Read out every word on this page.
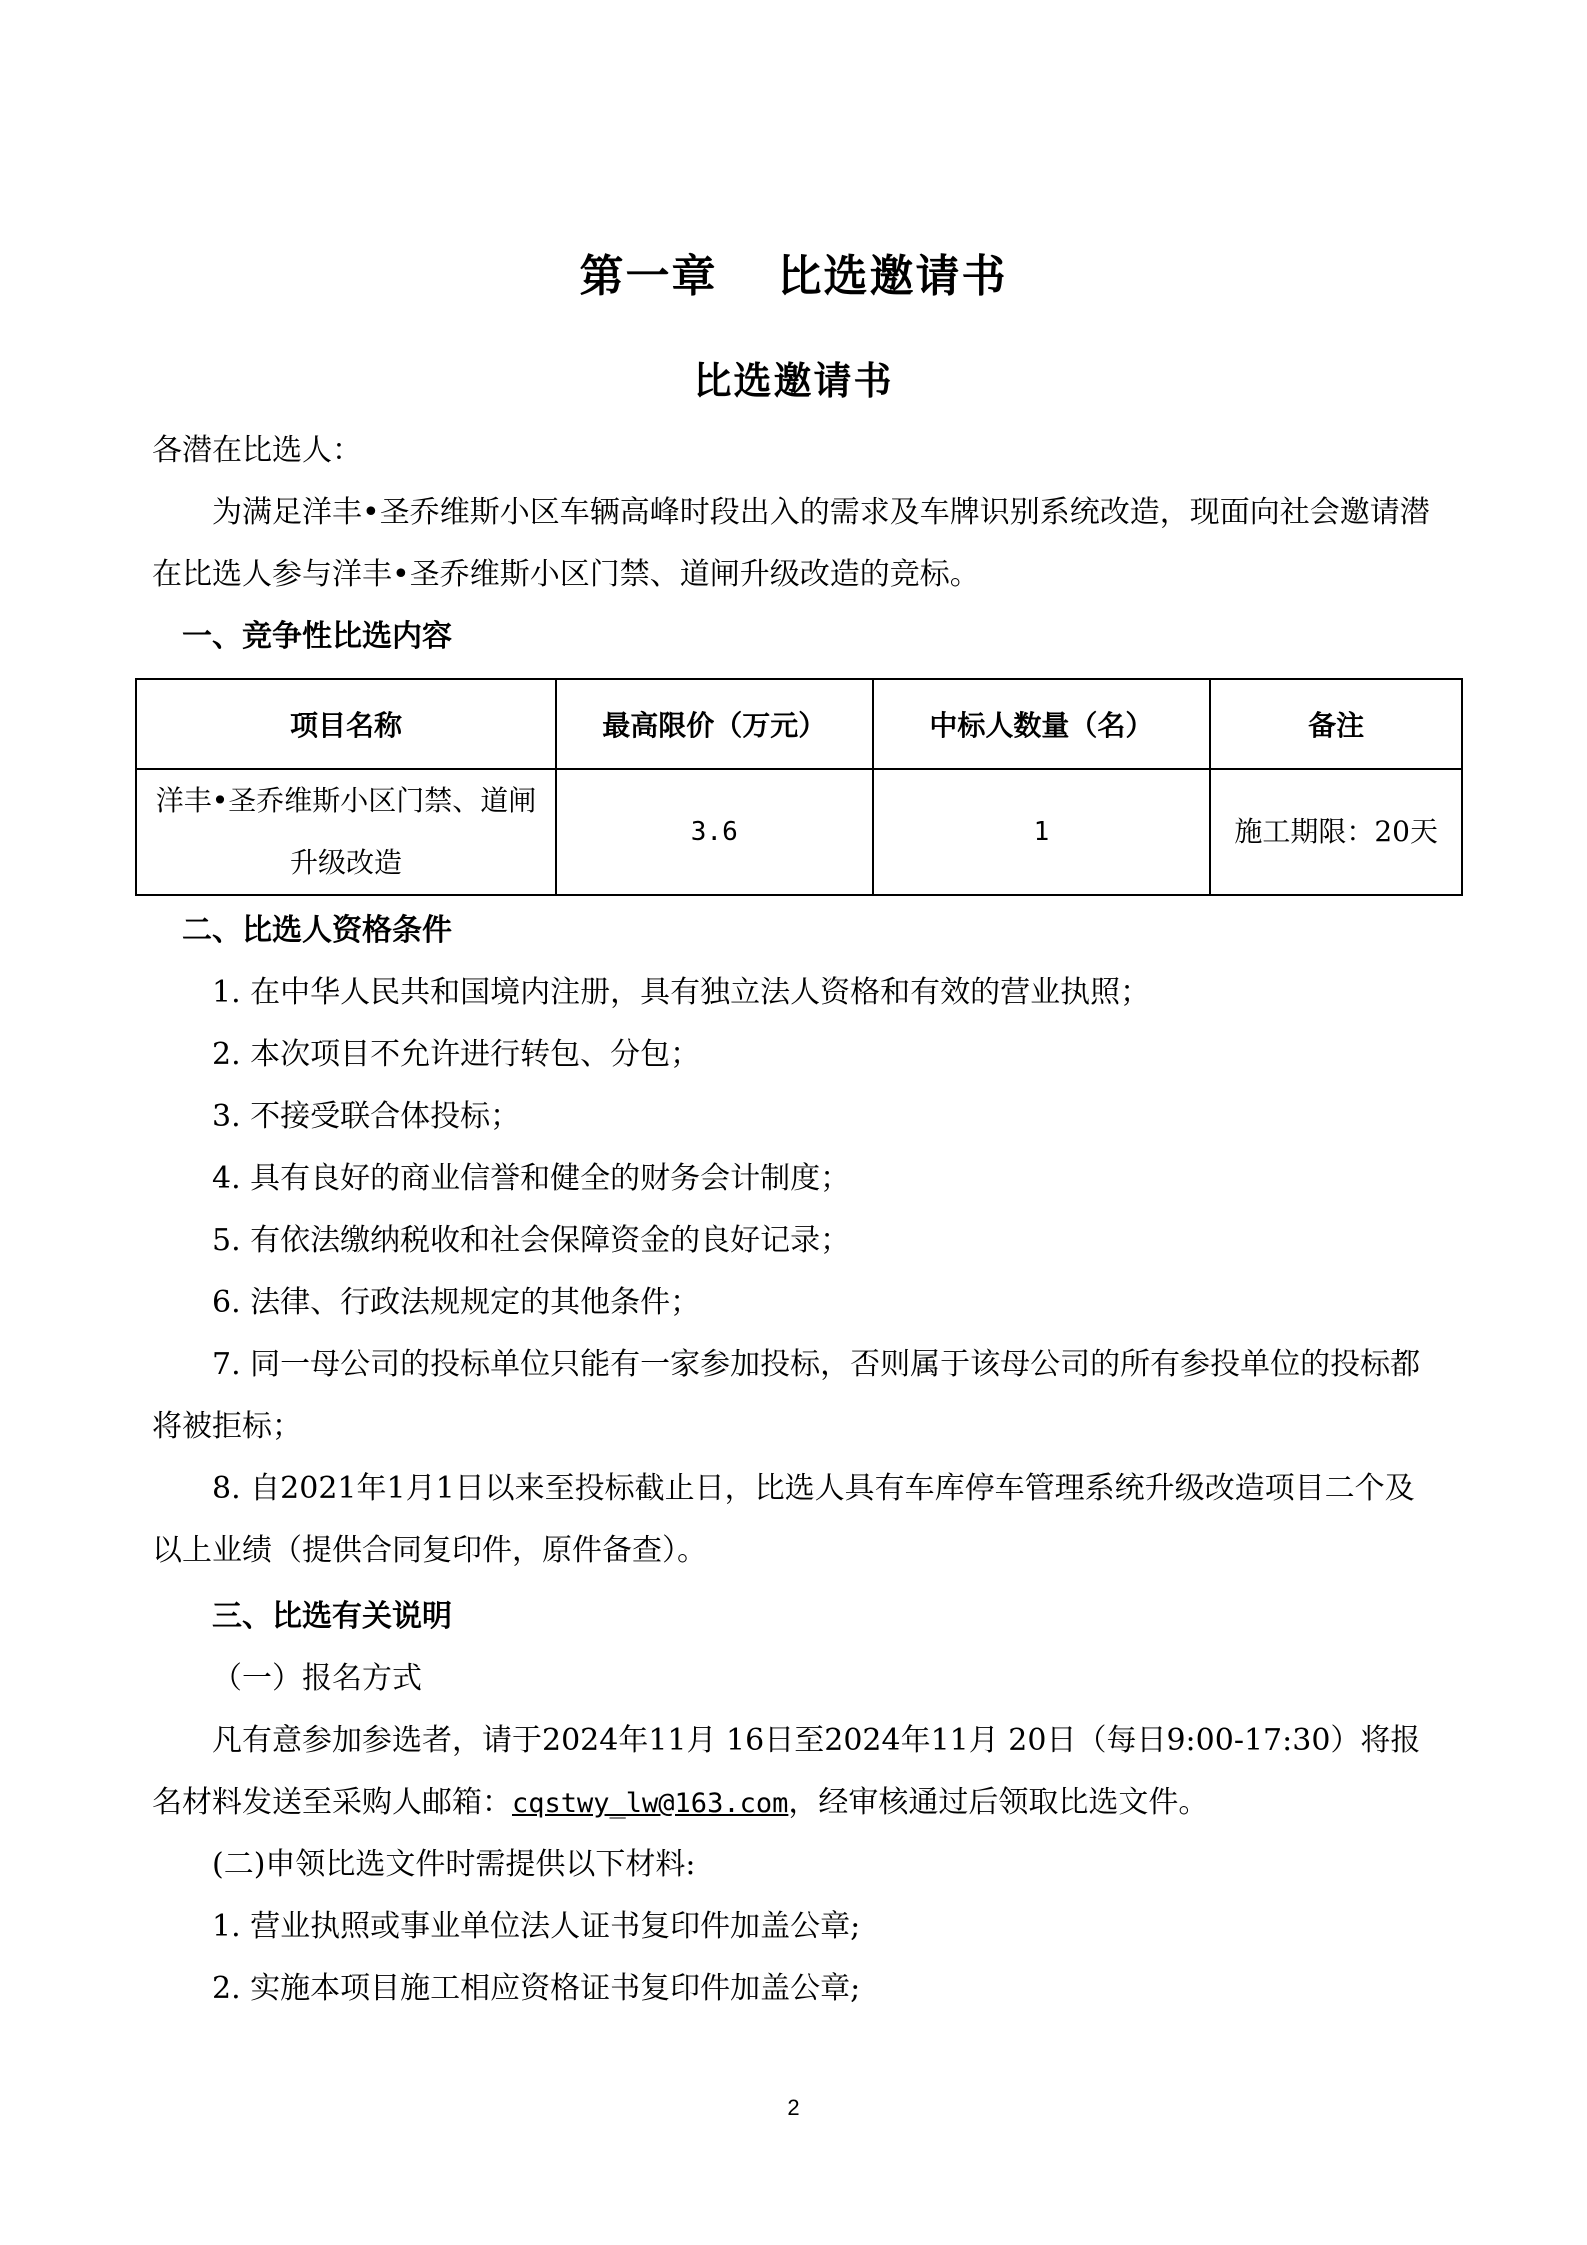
第一章 比选邀请书
比选邀请书
各潜在比选人：
为满足洋丰•圣乔维斯小区车辆高峰时段出入的需求及车牌识别系统改造，现面向社会邀请潜在比选人参与洋丰•圣乔维斯小区门禁、道闸升级改造的竞标。
一、竞争性比选内容
项目名称	最高限价（万元）	中标人数量（名）	备注
洋丰•圣乔维斯小区门禁、道闸升级改造	3.6	1	施工期限：20天
二、比选人资格条件
1. 在中华人民共和国境内注册，具有独立法人资格和有效的营业执照；
2. 本次项目不允许进行转包、分包；
3. 不接受联合体投标；
4. 具有良好的商业信誉和健全的财务会计制度；
5. 有依法缴纳税收和社会保障资金的良好记录；
6. 法律、行政法规规定的其他条件；
7. 同一母公司的投标单位只能有一家参加投标，否则属于该母公司的所有参投单位的投标都将被拒标；
8. 自2021年1月1日以来至投标截止日，比选人具有车库停车管理系统升级改造项目二个及以上业绩（提供合同复印件，原件备查）。
三、比选有关说明
（一）报名方式
凡有意参加参选者，请于2024年11月 16日至2024年11月 20日（每日9:00-17:30）将报名材料发送至采购人邮箱：cqstwy_lw@163.com，经审核通过后领取比选文件。
(二)申领比选文件时需提供以下材料:
1. 营业执照或事业单位法人证书复印件加盖公章;
2. 实施本项目施工相应资格证书复印件加盖公章;
2
